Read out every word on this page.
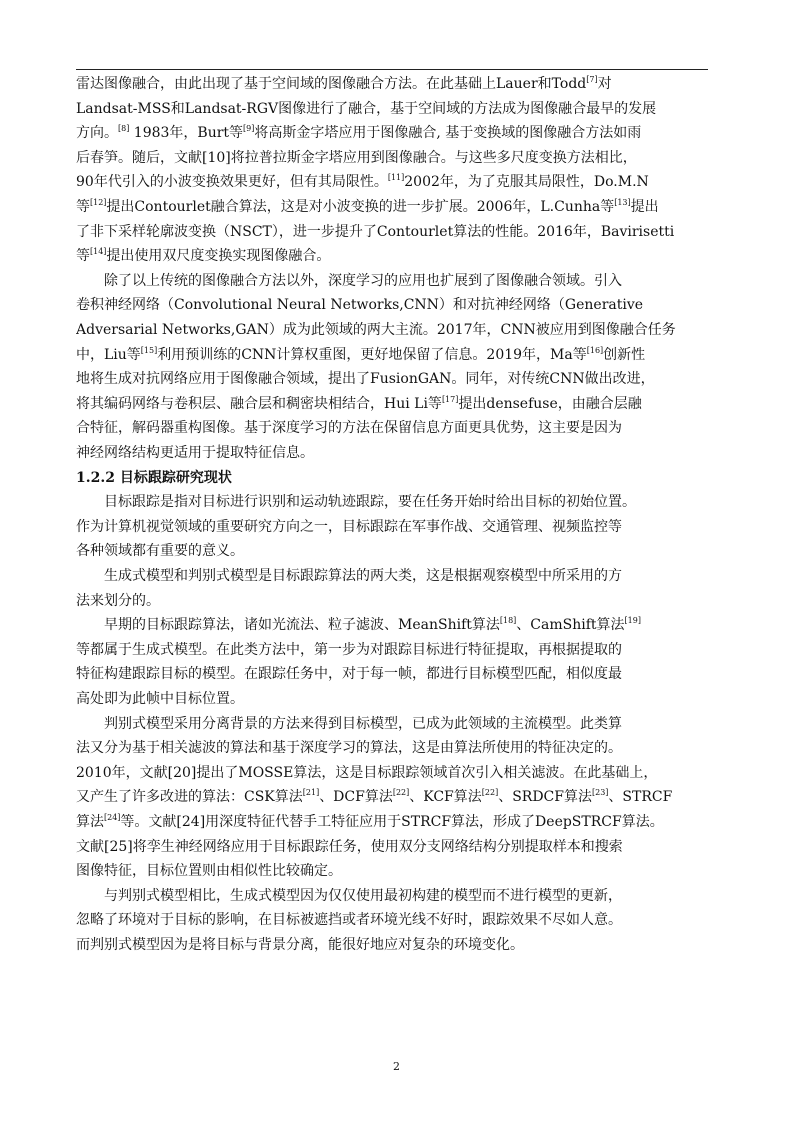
雷达图像融合，由此出现了基于空间域的图像融合方法。在此基础上Lauer和Todd[7]对
Landsat-MSS和Landsat-RGV图像进行了融合，基于空间域的方法成为图像融合最早的发展
方向。[8] 1983年，Burt等[9]将高斯金字塔应用于图像融合, 基于变换域的图像融合方法如雨
后春笋。随后，文献[10]将拉普拉斯金字塔应用到图像融合。与这些多尺度变换方法相比，
90年代引入的小波变换效果更好，但有其局限性。[11]2002年，为了克服其局限性，Do.M.N
等[12]提出Contourlet融合算法，这是对小波变换的进一步扩展。2006年，L.Cunha等[13]提出
了非下采样轮廓波变换（NSCT），进一步提升了Contourlet算法的性能。2016年，Bavirisetti
等[14]提出使用双尺度变换实现图像融合。
除了以上传统的图像融合方法以外，深度学习的应用也扩展到了图像融合领域。引入
卷积神经网络（Convolutional Neural Networks,CNN）和对抗神经网络（Generative
Adversarial Networks,GAN）成为此领域的两大主流。2017年，CNN被应用到图像融合任务
中，Liu等[15]利用预训练的CNN计算权重图，更好地保留了信息。2019年，Ma等[16]创新性
地将生成对抗网络应用于图像融合领域，提出了FusionGAN。同年，对传统CNN做出改进，
将其编码网络与卷积层、融合层和稠密块相结合，Hui Li等[17]提出densefuse，由融合层融
合特征，解码器重构图像。基于深度学习的方法在保留信息方面更具优势，这主要是因为
神经网络结构更适用于提取特征信息。
1.2.2 目标跟踪研究现状
目标跟踪是指对目标进行识别和运动轨迹跟踪，要在任务开始时给出目标的初始位置。
作为计算机视觉领域的重要研究方向之一，目标跟踪在军事作战、交通管理、视频监控等
各种领域都有重要的意义。
生成式模型和判别式模型是目标跟踪算法的两大类，这是根据观察模型中所采用的方
法来划分的。
早期的目标跟踪算法，诸如光流法、粒子滤波、MeanShift算法[18]、CamShift算法[19]
等都属于生成式模型。在此类方法中，第一步为对跟踪目标进行特征提取，再根据提取的
特征构建跟踪目标的模型。在跟踪任务中，对于每一帧，都进行目标模型匹配，相似度最
高处即为此帧中目标位置。
判别式模型采用分离背景的方法来得到目标模型，已成为此领域的主流模型。此类算
法又分为基于相关滤波的算法和基于深度学习的算法，这是由算法所使用的特征决定的。
2010年，文献[20]提出了MOSSE算法，这是目标跟踪领域首次引入相关滤波。在此基础上，
又产生了许多改进的算法：CSK算法[21]、DCF算法[22]、KCF算法[22]、SRDCF算法[23]、STRCF
算法[24]等。文献[24]用深度特征代替手工特征应用于STRCF算法，形成了DeepSTRCF算法。
文献[25]将孪生神经网络应用于目标跟踪任务，使用双分支网络结构分别提取样本和搜索
图像特征，目标位置则由相似性比较确定。
与判别式模型相比，生成式模型因为仅仅使用最初构建的模型而不进行模型的更新，
忽略了环境对于目标的影响，在目标被遮挡或者环境光线不好时，跟踪效果不尽如人意。
而判别式模型因为是将目标与背景分离，能很好地应对复杂的环境变化。
2
